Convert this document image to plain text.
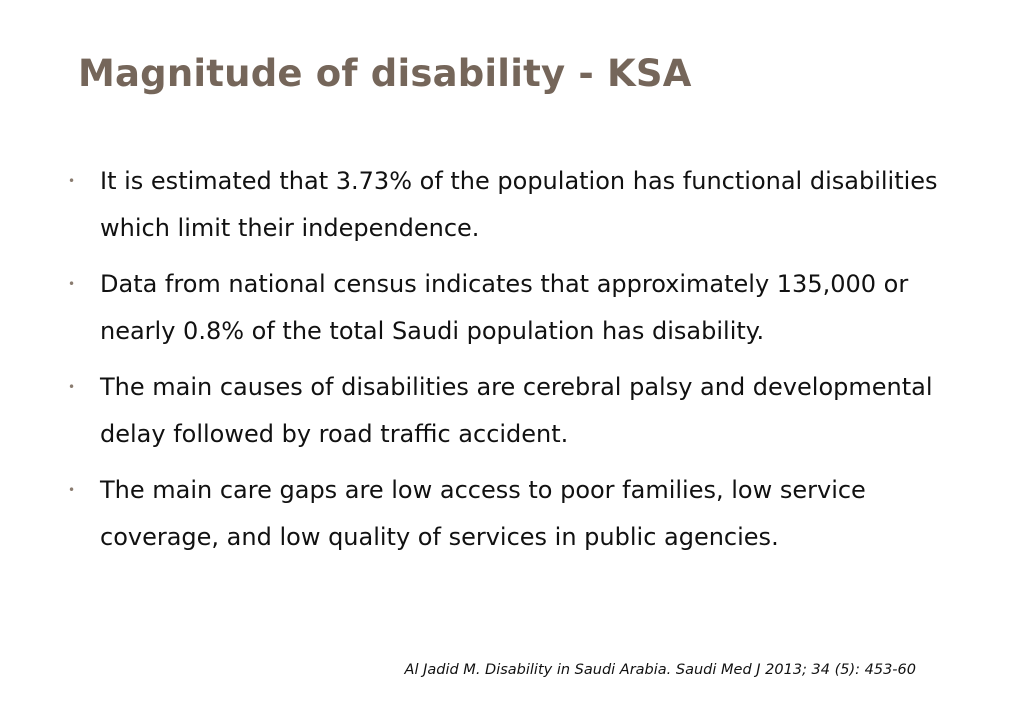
Magnitude of disability - KSA
• It is estimated that 3.73% of the population has functional disabilities which limit their independence.
• Data from national census indicates that approximately 135,000 or nearly 0.8% of the total Saudi population has disability.
• The main causes of disabilities are cerebral palsy and developmental delay followed by road traffic accident.
• The main care gaps are low access to poor families, low service coverage, and low quality of services in public agencies.

Al Jadid M. Disability in Saudi Arabia. Saudi Med J 2013; 34 (5): 453-60
